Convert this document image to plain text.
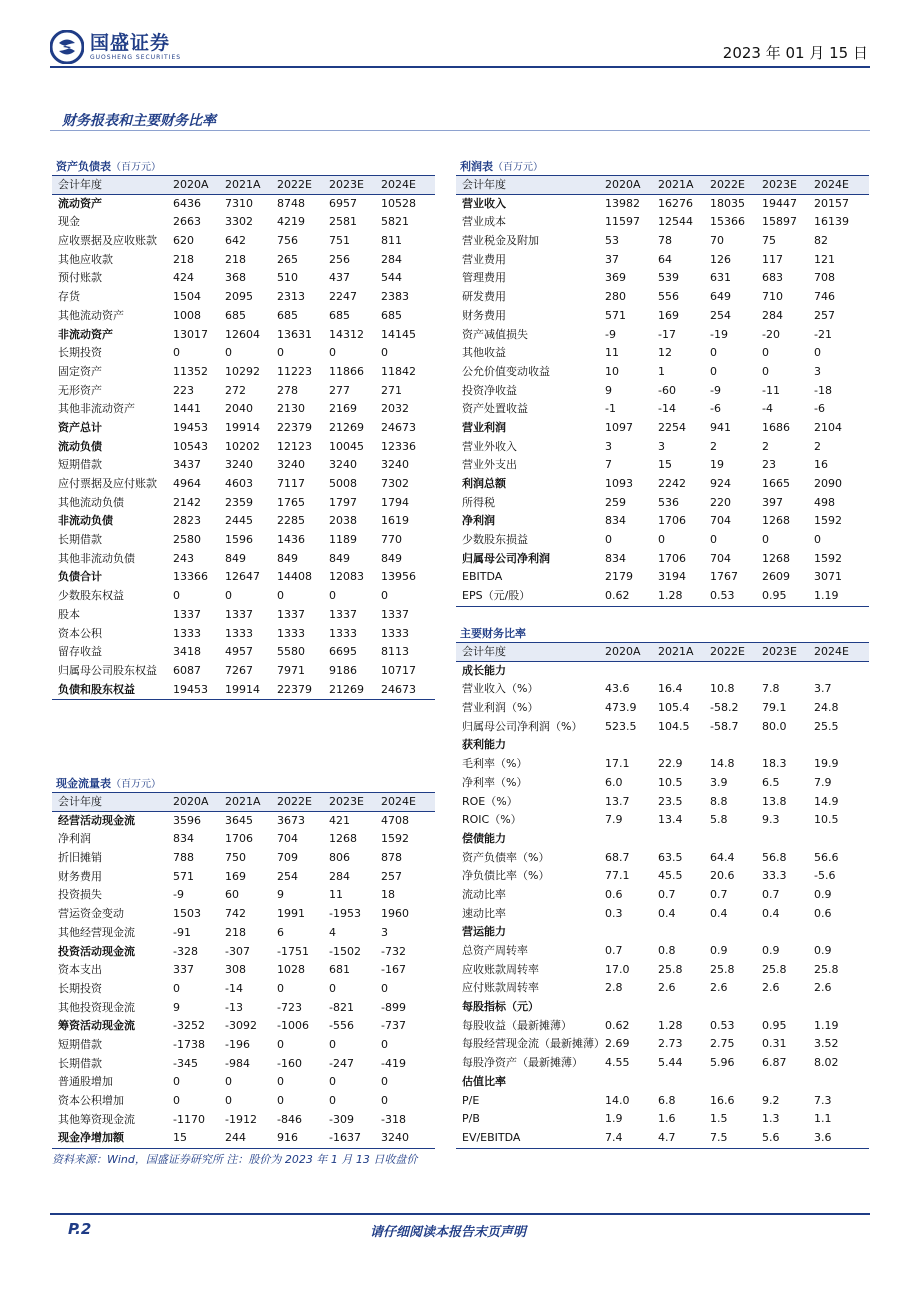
国盛证券
GUOSHENG SECURITIES	2023 年 01 月 15 日
财务报表和主要财务比率
资产负债表（百万元）
会计年度	2020A	2021A	2022E	2023E	2024E
流动资产	6436	7310	8748	6957	10528
现金	2663	3302	4219	2581	5821
应收票据及应收账款	620	642	756	751	811
其他应收款	218	218	265	256	284
预付账款	424	368	510	437	544
存货	1504	2095	2313	2247	2383
其他流动资产	1008	685	685	685	685
非流动资产	13017	12604	13631	14312	14145
长期投资	0	0	0	0	0
固定资产	11352	10292	11223	11866	11842
无形资产	223	272	278	277	271
其他非流动资产	1441	2040	2130	2169	2032
资产总计	19453	19914	22379	21269	24673
流动负债	10543	10202	12123	10045	12336
短期借款	3437	3240	3240	3240	3240
应付票据及应付账款	4964	4603	7117	5008	7302
其他流动负债	2142	2359	1765	1797	1794
非流动负债	2823	2445	2285	2038	1619
长期借款	2580	1596	1436	1189	770
其他非流动负债	243	849	849	849	849
负债合计	13366	12647	14408	12083	13956
少数股东权益	0	0	0	0	0
股本	1337	1337	1337	1337	1337
资本公积	1333	1333	1333	1333	1333
留存收益	3418	4957	5580	6695	8113
归属母公司股东权益	6087	7267	7971	9186	10717
负债和股东权益	19453	19914	22379	21269	24673
利润表（百万元）
会计年度	2020A	2021A	2022E	2023E	2024E
营业收入	13982	16276	18035	19447	20157
营业成本	11597	12544	15366	15897	16139
营业税金及附加	53	78	70	75	82
营业费用	37	64	126	117	121
管理费用	369	539	631	683	708
研发费用	280	556	649	710	746
财务费用	571	169	254	284	257
资产减值损失	-9	-17	-19	-20	-21
其他收益	11	12	0	0	0
公允价值变动收益	10	1	0	0	3
投资净收益	9	-60	-9	-11	-18
资产处置收益	-1	-14	-6	-4	-6
营业利润	1097	2254	941	1686	2104
营业外收入	3	3	2	2	2
营业外支出	7	15	19	23	16
利润总额	1093	2242	924	1665	2090
所得税	259	536	220	397	498
净利润	834	1706	704	1268	1592
少数股东损益	0	0	0	0	0
归属母公司净利润	834	1706	704	1268	1592
EBITDA	2179	3194	1767	2609	3071
EPS（元/股）	0.62	1.28	0.53	0.95	1.19
主要财务比率
会计年度	2020A	2021A	2022E	2023E	2024E
成长能力
营业收入（%）	43.6	16.4	10.8	7.8	3.7
营业利润（%）	473.9	105.4	-58.2	79.1	24.8
归属母公司净利润（%）	523.5	104.5	-58.7	80.0	25.5
获利能力
毛利率（%）	17.1	22.9	14.8	18.3	19.9
净利率（%）	6.0	10.5	3.9	6.5	7.9
ROE（%）	13.7	23.5	8.8	13.8	14.9
ROIC（%）	7.9	13.4	5.8	9.3	10.5
偿债能力
资产负债率（%）	68.7	63.5	64.4	56.8	56.6
净负债比率（%）	77.1	45.5	20.6	33.3	-5.6
流动比率	0.6	0.7	0.7	0.7	0.9
速动比率	0.3	0.4	0.4	0.4	0.6
营运能力
总资产周转率	0.7	0.8	0.9	0.9	0.9
应收账款周转率	17.0	25.8	25.8	25.8	25.8
应付账款周转率	2.8	2.6	2.6	2.6	2.6
每股指标（元）
每股收益（最新摊薄）	0.62	1.28	0.53	0.95	1.19
每股经营现金流（最新摊薄） 2.69	2.73	2.75	0.31	3.52
每股净资产（最新摊薄）	4.55	5.44	5.96	6.87	8.02
估值比率
P/E	14.0	6.8	16.6	9.2	7.3
P/B	1.9	1.6	1.5	1.3	1.1
EV/EBITDA	7.4	4.7	7.5	5.6	3.6
现金流量表（百万元）
会计年度	2020A	2021A	2022E	2023E	2024E
经营活动现金流	3596	3645	3673	421	4708
净利润	834	1706	704	1268	1592
折旧摊销	788	750	709	806	878
财务费用	571	169	254	284	257
投资损失	-9	60	9	11	18
营运资金变动	1503	742	1991	-1953	1960
其他经营现金流	-91	218	6	4	3
投资活动现金流	-328	-307	-1751	-1502	-732
资本支出	337	308	1028	681	-167
长期投资	0	-14	0	0	0
其他投资现金流	9	-13	-723	-821	-899
筹资活动现金流	-3252	-3092	-1006	-556	-737
短期借款	-1738	-196	0	0	0
长期借款	-345	-984	-160	-247	-419
普通股增加	0	0	0	0	0
资本公积增加	0	0	0	0	0
其他筹资现金流	-1170	-1912	-846	-309	-318
现金净增加额	15	244	916	-1637	3240
资料来源：Wind，国盛证券研究所 注：股价为 2023 年 1 月 13 日收盘价
P.2	请仔细阅读本报告末页声明
